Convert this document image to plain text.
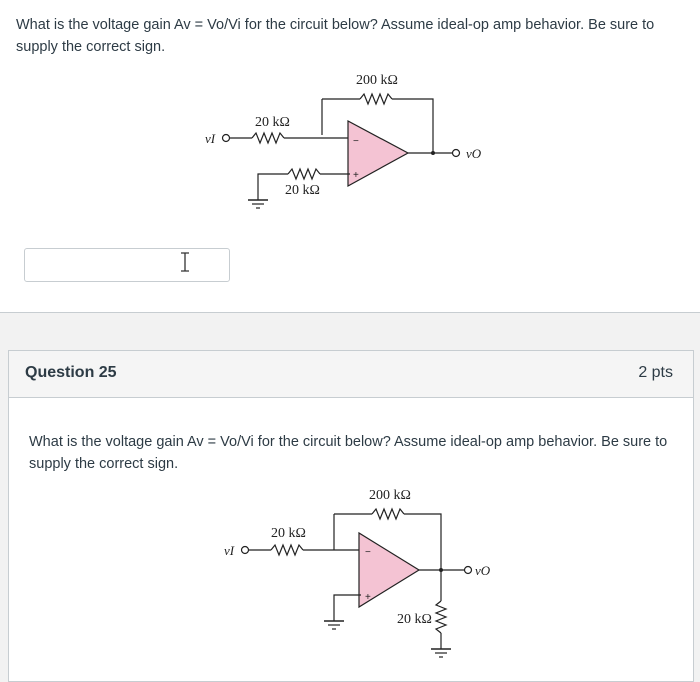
What is the voltage gain Av = Vo/Vi for the circuit below? Assume ideal-op amp behavior. Be sure to supply the correct sign.
200 kΩ
20 kΩ
vI	−
+
vO
20 kΩ
Question 25	2 pts
What is the voltage gain Av = Vo/Vi for the circuit below? Assume ideal-op amp behavior. Be sure to supply the correct sign.
200 kΩ
20 kΩ
vI	−
+
vO
20 kΩ
